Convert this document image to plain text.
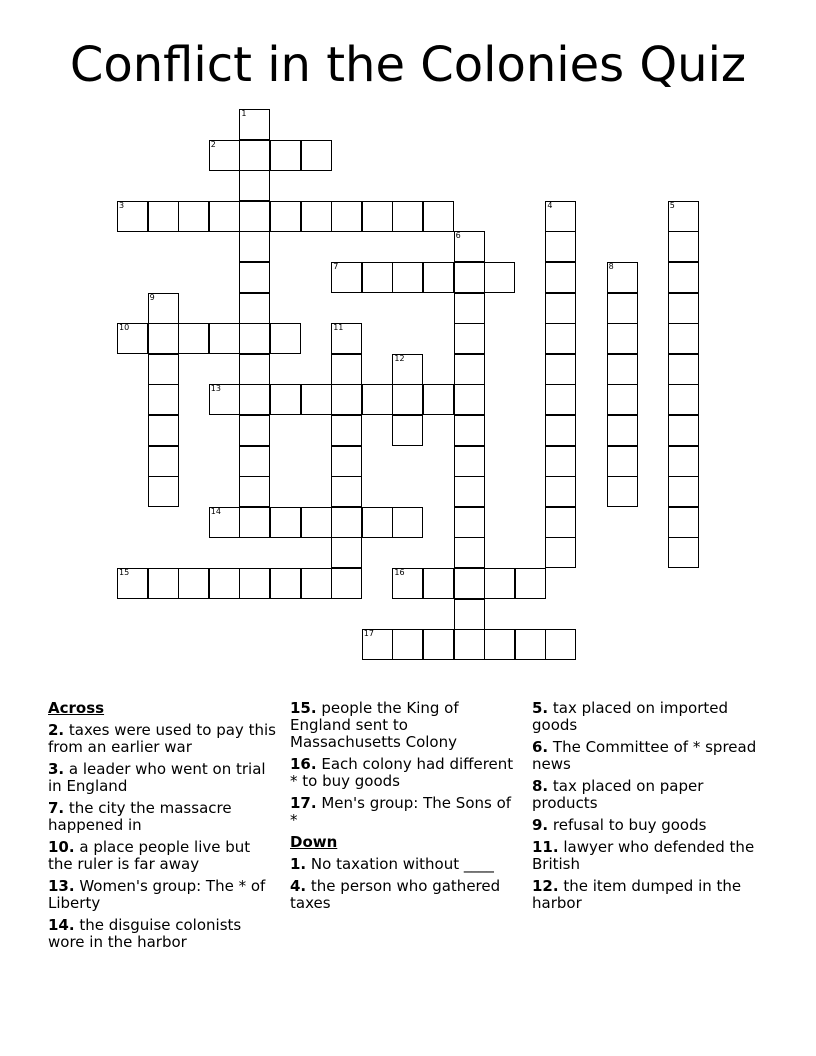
Conflict in the Colonies Quiz
1
2
3	4	5
6
7	8
9
10	11
12
13
14
15	16
17
Across
2. taxes were used to pay this from an earlier war
3. a leader who went on trial in England
7. the city the massacre happened in
10. a place people live but the ruler is far away
13. Women's group: The * of Liberty
14. the disguise colonists wore in the harbor
15. people the King of England sent to Massachusetts Colony
16. Each colony had different * to buy goods
17. Men's group: The Sons of *
Down
1. No taxation without ____
4. the person who gathered taxes
5. tax placed on imported goods
6. The Committee of * spread news
8. tax placed on paper products
9. refusal to buy goods
11. lawyer who defended the British
12. the item dumped in the harbor
